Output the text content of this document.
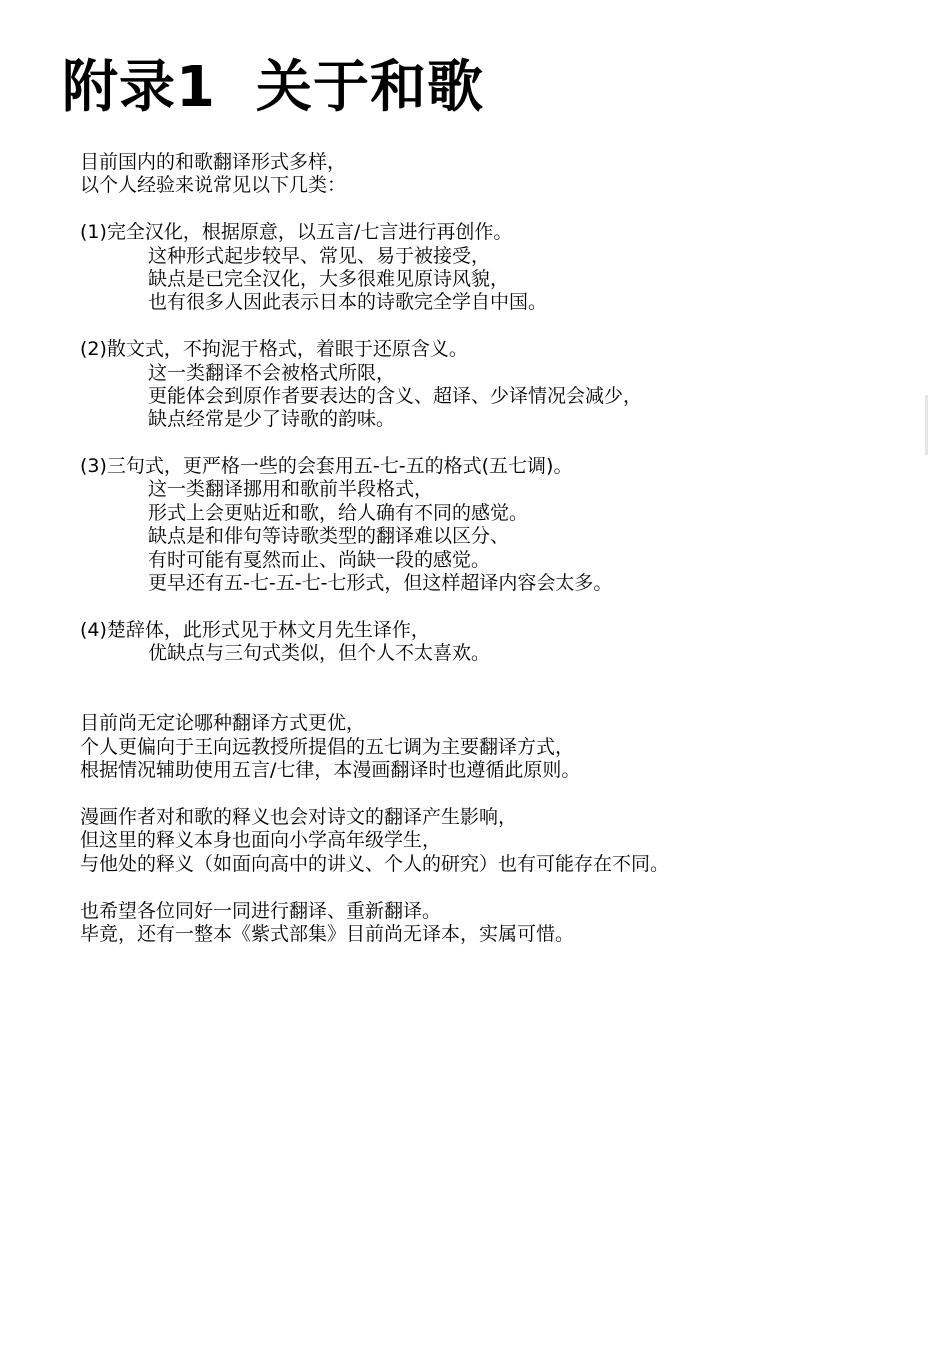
附录1 关于和歌
目前国内的和歌翻译形式多样，
以个人经验来说常见以下几类：
(1)完全汉化，根据原意，以五言/七言进行再创作。
这种形式起步较早、常见、易于被接受，
缺点是已完全汉化，大多很难见原诗风貌，
也有很多人因此表示日本的诗歌完全学自中国。
(2)散文式，不拘泥于格式，着眼于还原含义。
这一类翻译不会被格式所限，
更能体会到原作者要表达的含义、超译、少译情况会减少，
缺点经常是少了诗歌的韵味。
(3)三句式，更严格一些的会套用五-七-五的格式(五七调)。
这一类翻译挪用和歌前半段格式，
形式上会更贴近和歌，给人确有不同的感觉。
缺点是和俳句等诗歌类型的翻译难以区分、
有时可能有戛然而止、尚缺一段的感觉。
更早还有五-七-五-七-七形式，但这样超译内容会太多。
(4)楚辞体，此形式见于林文月先生译作，
优缺点与三句式类似，但个人不太喜欢。
目前尚无定论哪种翻译方式更优，
个人更偏向于王向远教授所提倡的五七调为主要翻译方式，
根据情况辅助使用五言/七律，本漫画翻译时也遵循此原则。
漫画作者对和歌的释义也会对诗文的翻译产生影响，
但这里的释义本身也面向小学高年级学生，
与他处的释义（如面向高中的讲义、个人的研究）也有可能存在不同。
也希望各位同好一同进行翻译、重新翻译。
毕竟，还有一整本《紫式部集》目前尚无译本，实属可惜。
